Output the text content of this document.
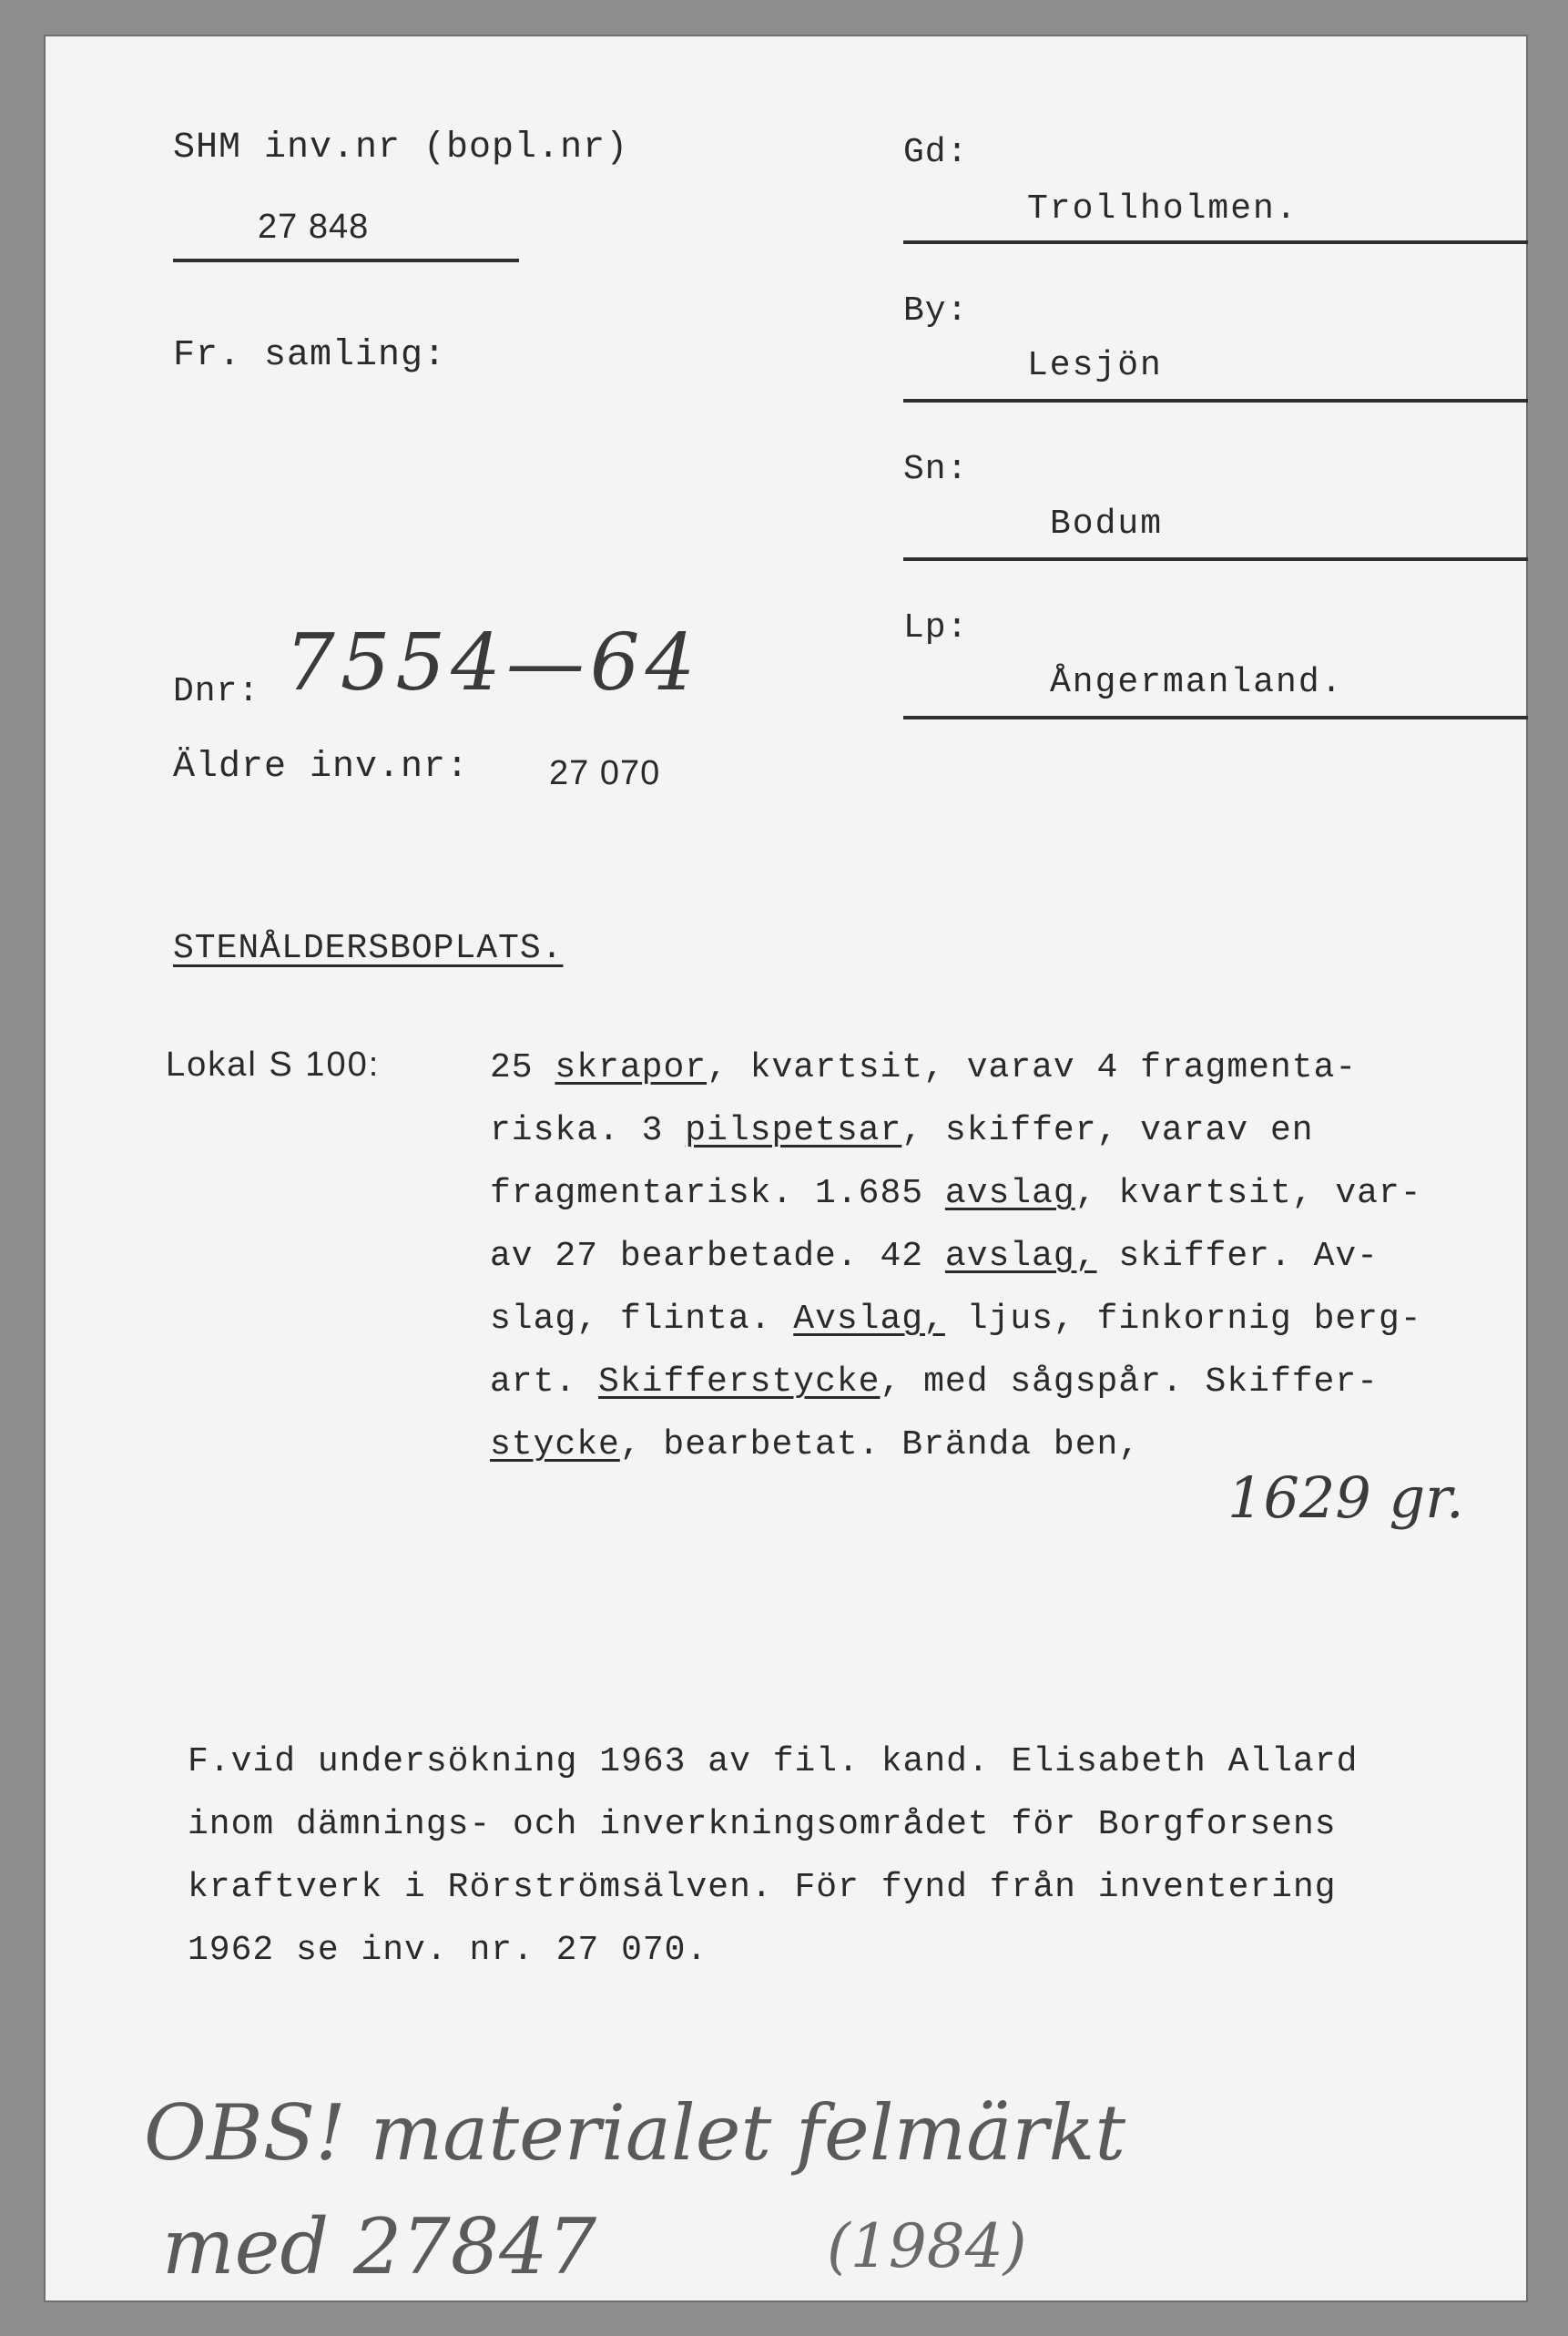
SHM inv.nr (bopl.nr)
27 848
Fr. samling:
Dnr: 7554—64
Äldre inv.nr: 27 070
Gd:
Trollholmen.
By:
Lesjön
Sn:
Bodum
Lp:
Ångermanland.
STENÅLDERSBOPLATS.
Lokal S 100:	25 skrapor, kvartsit, varav 4 fragmenta-
riska. 3 pilspetsar, skiffer, varav en
fragmentarisk. 1.685 avslag, kvartsit, var-
av 27 bearbetade. 42 avslag, skiffer. Av-
slag, flinta. Avslag, ljus, finkornig berg-
art. Skifferstycke, med sågspår. Skiffer-
stycke, bearbetat. Brända ben,
1629 gr.
F.vid undersökning 1963 av fil. kand. Elisabeth Allard
inom dämnings- och inverkningsområdet för Borgforsens
kraftverk i Rörströmsälven. För fynd från inventering
1962 se inv. nr. 27 070.
OBS! materialet felmärkt
med 27847	(1984)
